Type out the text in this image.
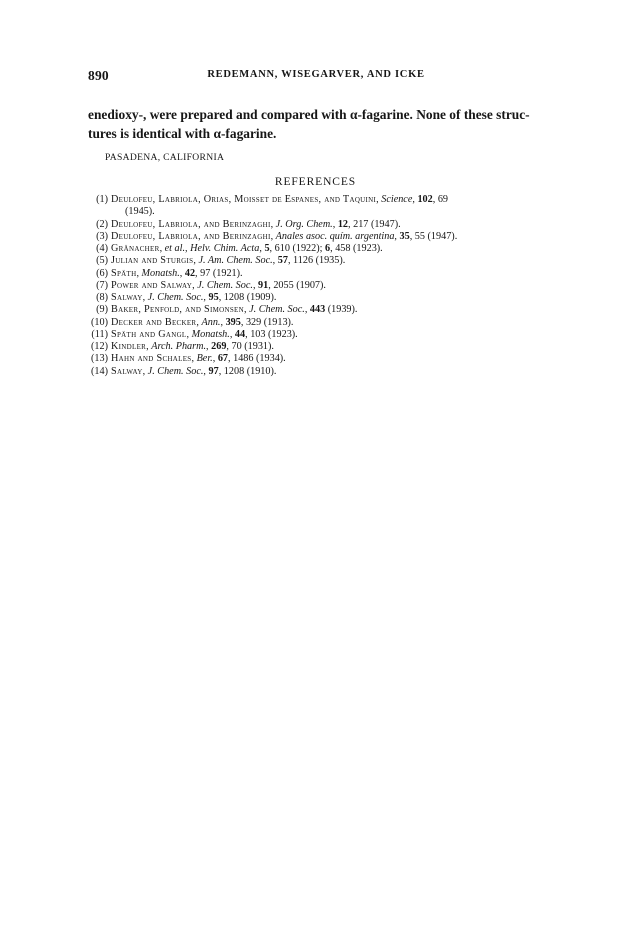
890	REDEMANN, WISEGARVER, AND ICKE

enedioxy-, were prepared and compared with α-fagarine. None of these struc-

tures is identical with α-fagarine.

PASADENA, CALIFORNIA
REFERENCES
(1) Deulofeu, Labriola, Orias, Moisset de Espanes, and Taquini, Science, 102, 69
(1945).
(2) Deulofeu, Labriola, and Berinzaghi, J. Org. Chem., 12, 217 (1947).
(3) Deulofeu, Labriola, and Berinzaghi, Anales asoc. quím. argentina, 35, 55 (1947).
(4) Gränacher, et al., Helv. Chim. Acta, 5, 610 (1922); 6, 458 (1923).
(5) Julian and Sturgis, J. Am. Chem. Soc., 57, 1126 (1935).
(6) Späth, Monatsh., 42, 97 (1921).
(7) Power and Salway, J. Chem. Soc., 91, 2055 (1907).
(8) Salway, J. Chem. Soc., 95, 1208 (1909).
(9) Baker, Penfold, and Simonsen, J. Chem. Soc., 443 (1939).
(10) Decker and Becker, Ann., 395, 329 (1913).
(11) Späth and Gangl, Monatsh., 44, 103 (1923).
(12) Kindler, Arch. Pharm., 269, 70 (1931).
(13) Hahn and Schales, Ber., 67, 1486 (1934).
(14) Salway, J. Chem. Soc., 97, 1208 (1910).
